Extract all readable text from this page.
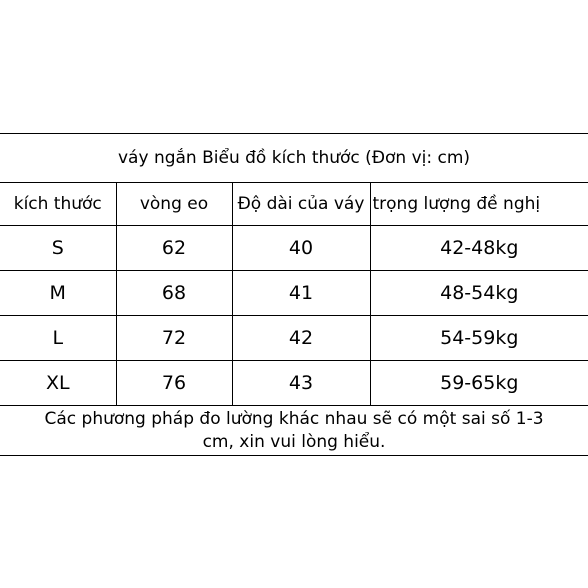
váy ngắn Biểu đồ kích thước (Đơn vị: cm)			
kích thước	vòng eo	Độ dài của váy	trọng lượng đề nghị
S	62	40	42-48kg
M	68	41	48-54kg
L	72	42	54-59kg
XL	76	43	59-65kg
Các phương pháp đo lường khác nhau sẽ có một sai số 1-3
cm, xin vui lòng hiểu.			
